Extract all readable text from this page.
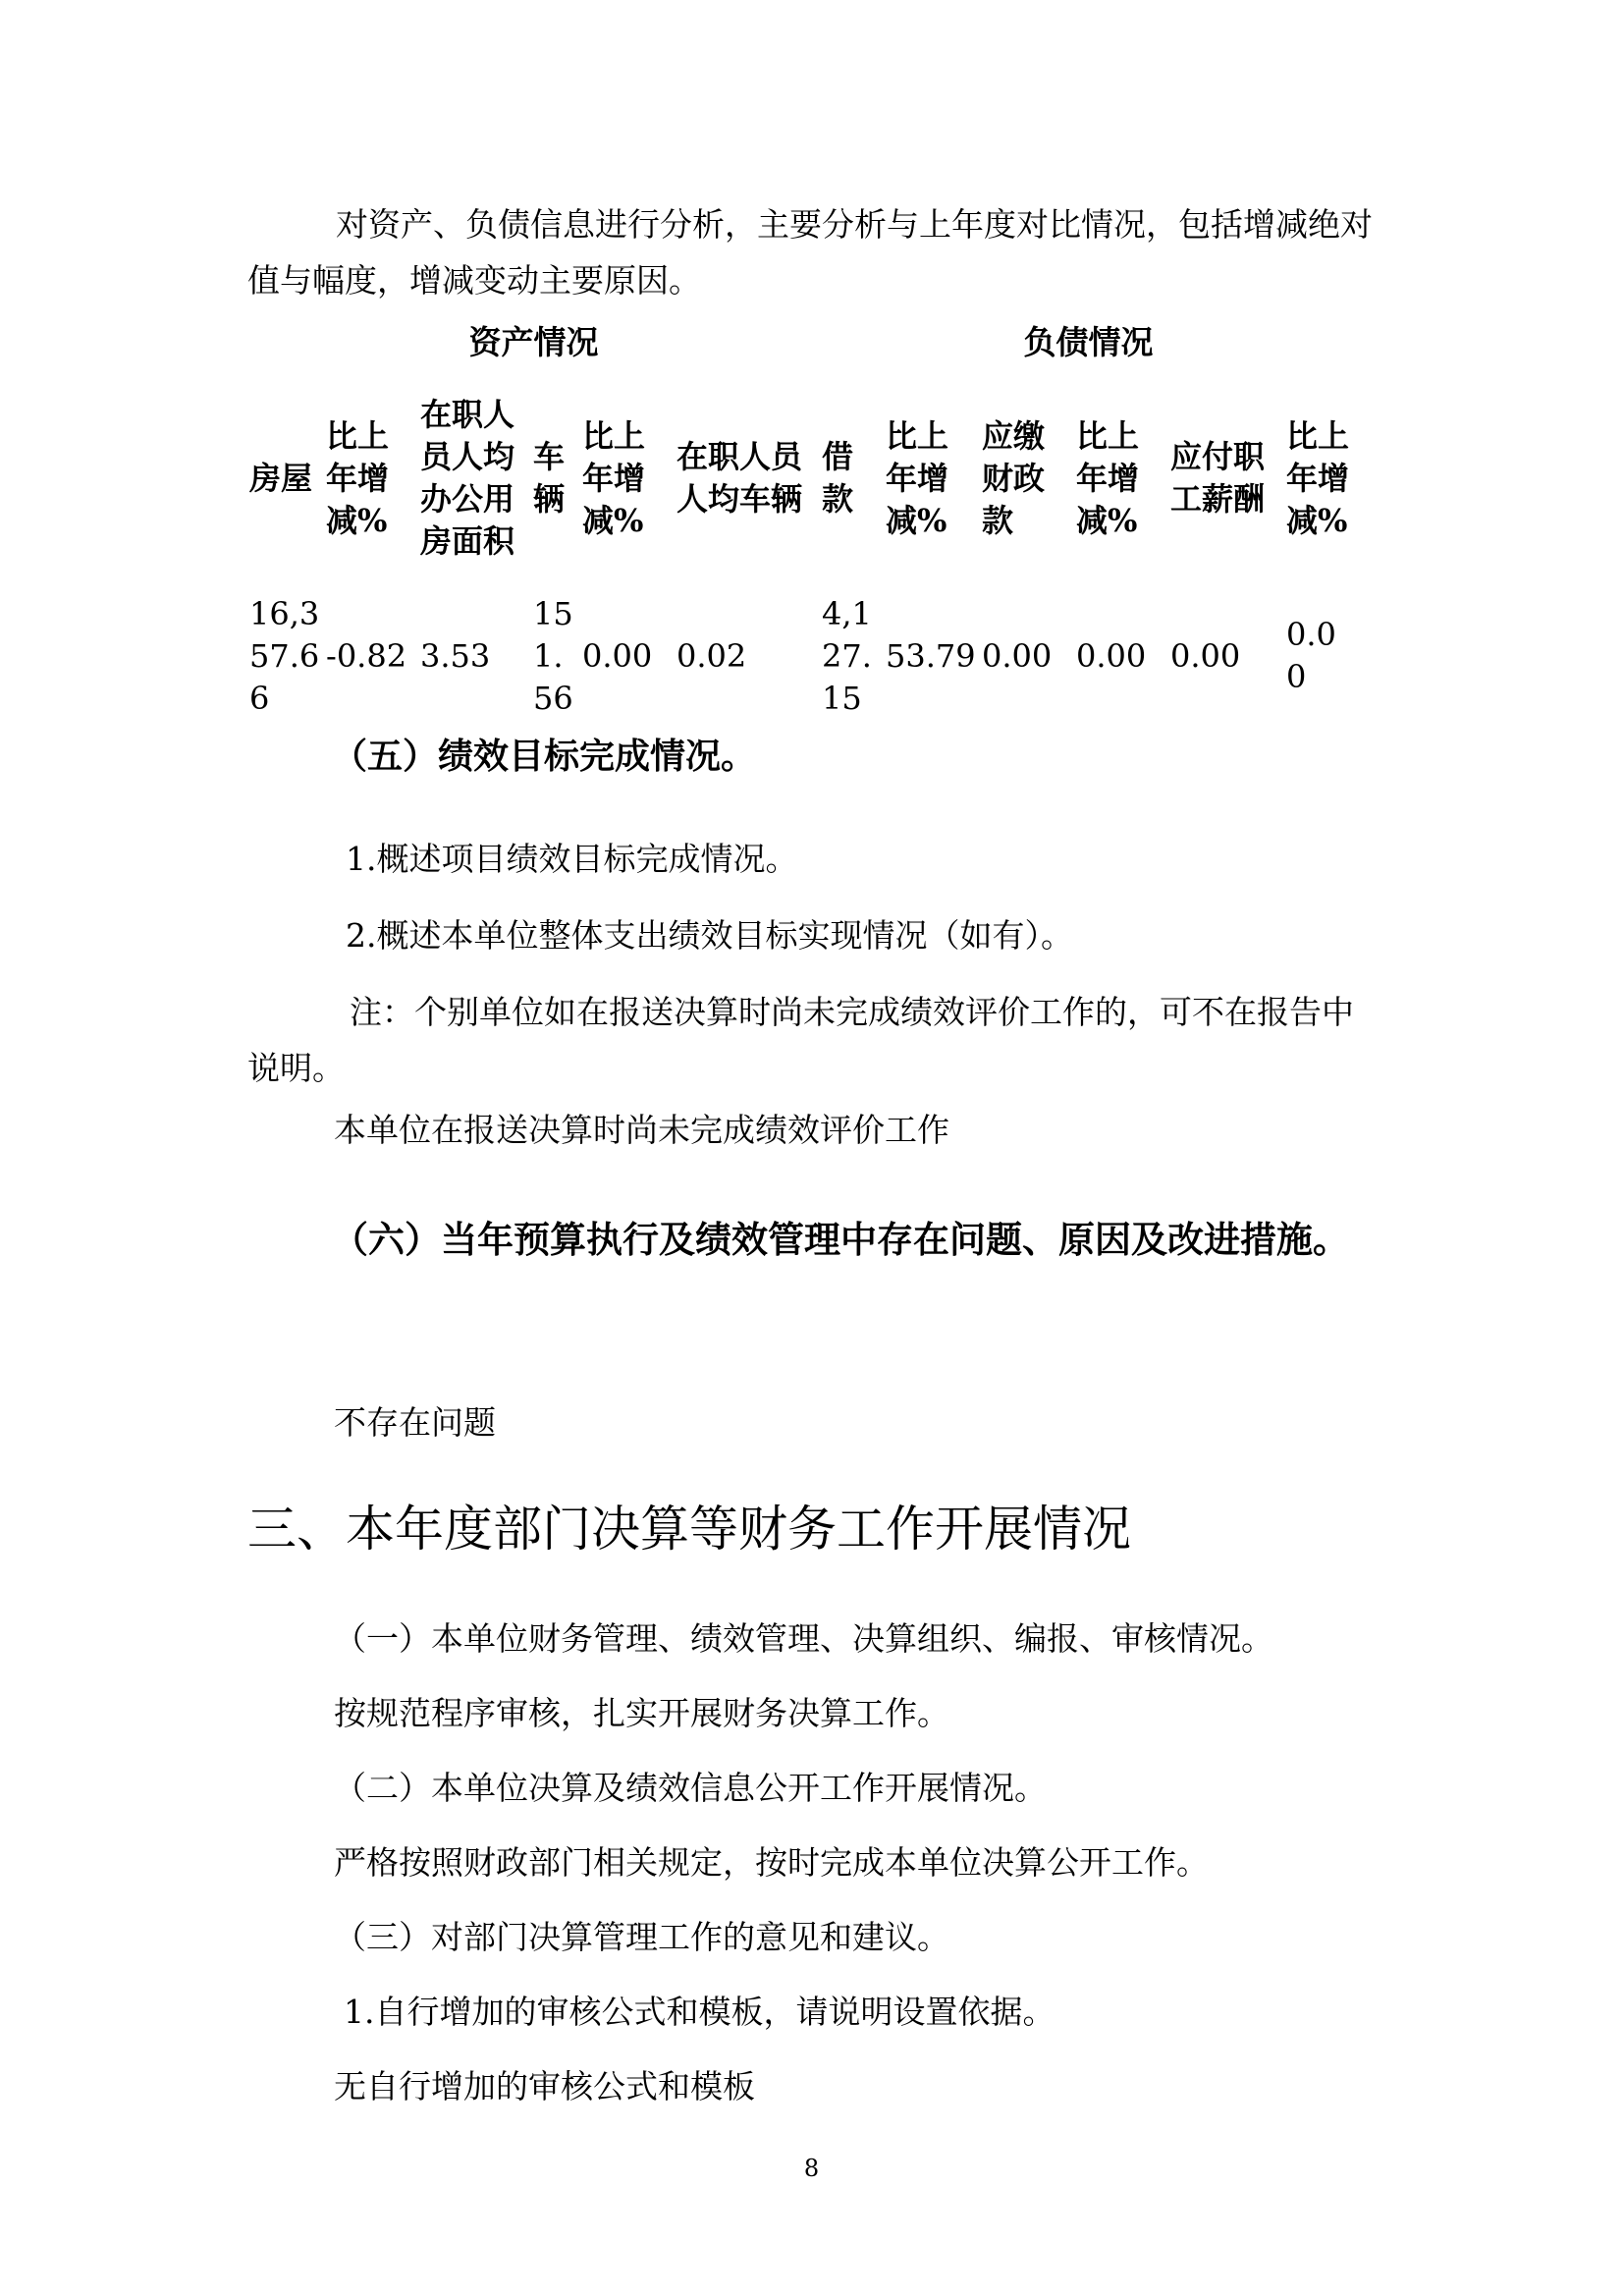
对资产、负债信息进行分析，主要分析与上年度对比情况，包括增减绝对值与幅度，增减变动主要原因。
资产情况						负债情况					
房屋	比上年增减%	在职人员人均办公用房面积	车辆	比上年增减%	在职人员人均车辆	借款	比上年增减%	应缴财政款	比上年增减%	应付职工薪酬	比上年增减%
16,357.66	-0.82	3.53	151.56	0.00	0.02	4,127.15	53.79	0.00	0.00	0.00	0.00
（五）绩效目标完成情况。
1.概述项目绩效目标完成情况。
2.概述本单位整体支出绩效目标实现情况（如有）。
注：个别单位如在报送决算时尚未完成绩效评价工作的，可不在报告中说明。
本单位在报送决算时尚未完成绩效评价工作
（六）当年预算执行及绩效管理中存在问题、原因及改进措施。
不存在问题
三、本年度部门决算等财务工作开展情况
（一）本单位财务管理、绩效管理、决算组织、编报、审核情况。
按规范程序审核，扎实开展财务决算工作。
（二）本单位决算及绩效信息公开工作开展情况。
严格按照财政部门相关规定，按时完成本单位决算公开工作。
（三）对部门决算管理工作的意见和建议。
1.自行增加的审核公式和模板，请说明设置依据。
无自行增加的审核公式和模板
8
